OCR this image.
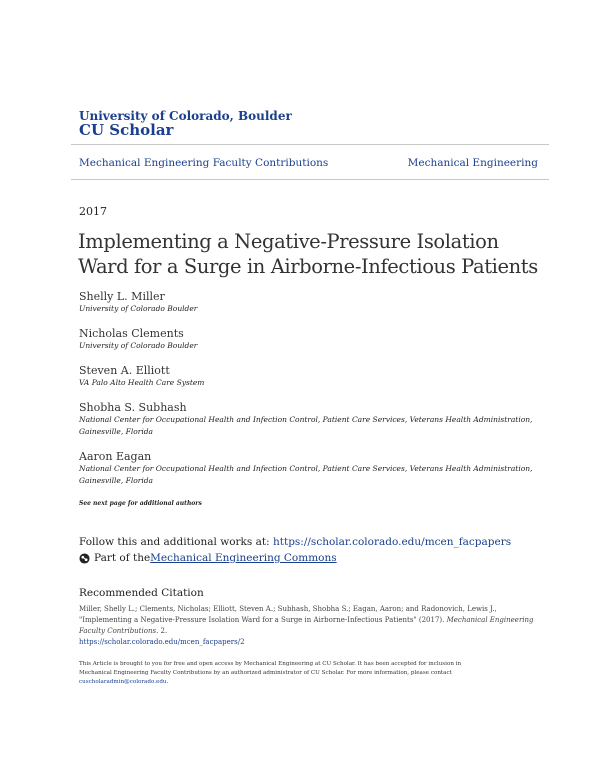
University of Colorado, Boulder
CU Scholar
Mechanical Engineering Faculty Contributions	Mechanical Engineering
2017
Implementing a Negative-Pressure Isolation Ward for a Surge in Airborne-Infectious Patients
Shelly L. Miller
University of Colorado Boulder
Nicholas Clements
University of Colorado Boulder
Steven A. Elliott
VA Palo Alto Health Care System
Shobha S. Subhash
National Center for Occupational Health and Infection Control, Patient Care Services, Veterans Health Administration, Gainesville, Florida
Aaron Eagan
National Center for Occupational Health and Infection Control, Patient Care Services, Veterans Health Administration, Gainesville, Florida
See next page for additional authors
Follow this and additional works at: https://scholar.colorado.edu/mcen_facpapers
Part of the Mechanical Engineering Commons
Recommended Citation
Miller, Shelly L.; Clements, Nicholas; Elliott, Steven A.; Subhash, Shobha S.; Eagan, Aaron; and Radonovich, Lewis J., "Implementing a Negative-Pressure Isolation Ward for a Surge in Airborne-Infectious Patients" (2017). Mechanical Engineering Faculty Contributions. 2.
https://scholar.colorado.edu/mcen_facpapers/2
This Article is brought to you for free and open access by Mechanical Engineering at CU Scholar. It has been accepted for inclusion in Mechanical Engineering Faculty Contributions by an authorized administrator of CU Scholar. For more information, please contact
cuscholaradmin@colorado.edu.
